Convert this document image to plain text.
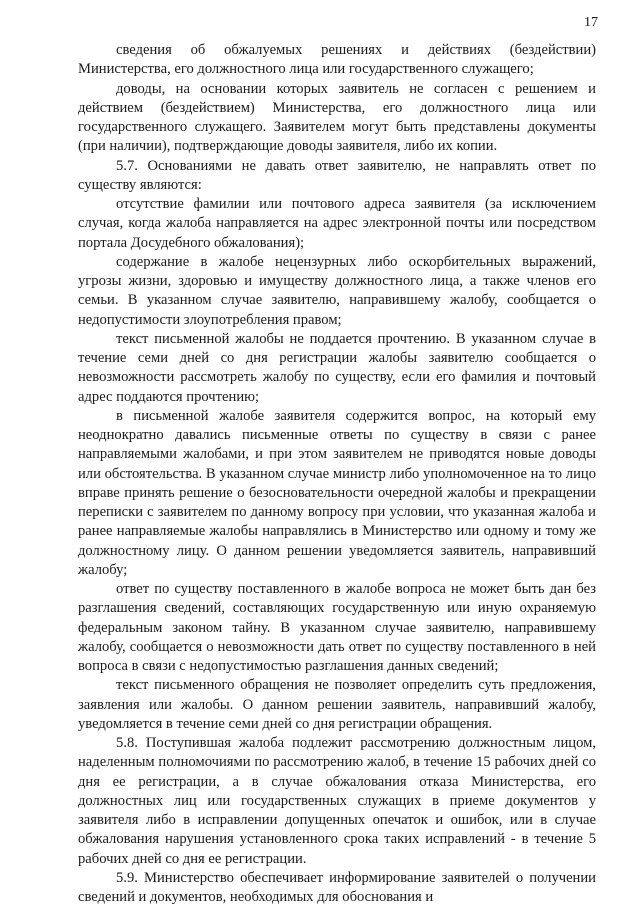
17

сведения об обжалуемых решениях и действиях (бездействии) Министерства, его должностного лица или государственного служащего;

доводы, на основании которых заявитель не согласен с решением и действием (бездействием) Министерства, его должностного лица или государственного служащего. Заявителем могут быть представлены документы (при наличии), подтверждающие доводы заявителя, либо их копии.

5.7. Основаниями не давать ответ заявителю, не направлять ответ по существу являются:

отсутствие фамилии или почтового адреса заявителя (за исключением случая, когда жалоба направляется на адрес электронной почты или посредством портала Досудебного обжалования);

содержание в жалобе нецензурных либо оскорбительных выражений, угрозы жизни, здоровью и имуществу должностного лица, а также членов его семьи. В указанном случае заявителю, направившему жалобу, сообщается о недопустимости злоупотребления правом;

текст письменной жалобы не поддается прочтению. В указанном случае в течение семи дней со дня регистрации жалобы заявителю сообщается о невозможности рассмотреть жалобу по существу, если его фамилия и почтовый адрес поддаются прочтению;

в письменной жалобе заявителя содержится вопрос, на который ему неоднократно давались письменные ответы по существу в связи с ранее направляемыми жалобами, и при этом заявителем не приводятся новые доводы или обстоятельства. В указанном случае министр либо уполномоченное на то лицо вправе принять решение о безосновательности очередной жалобы и прекращении переписки с заявителем по данному вопросу при условии, что указанная жалоба и ранее направляемые жалобы направлялись в Министерство или одному и тому же должностному лицу. О данном решении уведомляется заявитель, направивший жалобу;

ответ по существу поставленного в жалобе вопроса не может быть дан без разглашения сведений, составляющих государственную или иную охраняемую федеральным законом тайну. В указанном случае заявителю, направившему жалобу, сообщается о невозможности дать ответ по существу поставленного в ней вопроса в связи с недопустимостью разглашения данных сведений;

текст письменного обращения не позволяет определить суть предложения, заявления или жалобы. О данном решении заявитель, направивший жалобу, уведомляется в течение семи дней со дня регистрации обращения.

5.8. Поступившая жалоба подлежит рассмотрению должностным лицом, наделенным полномочиями по рассмотрению жалоб, в течение 15 рабочих дней со дня ее регистрации, а в случае обжалования отказа Министерства, его должностных лиц или государственных служащих в приеме документов у заявителя либо в исправлении допущенных опечаток и ошибок, или в случае обжалования нарушения установленного срока таких исправлений - в течение 5 рабочих дней со дня ее регистрации.

5.9. Министерство обеспечивает информирование заявителей о получении сведений и документов, необходимых для обоснования и
